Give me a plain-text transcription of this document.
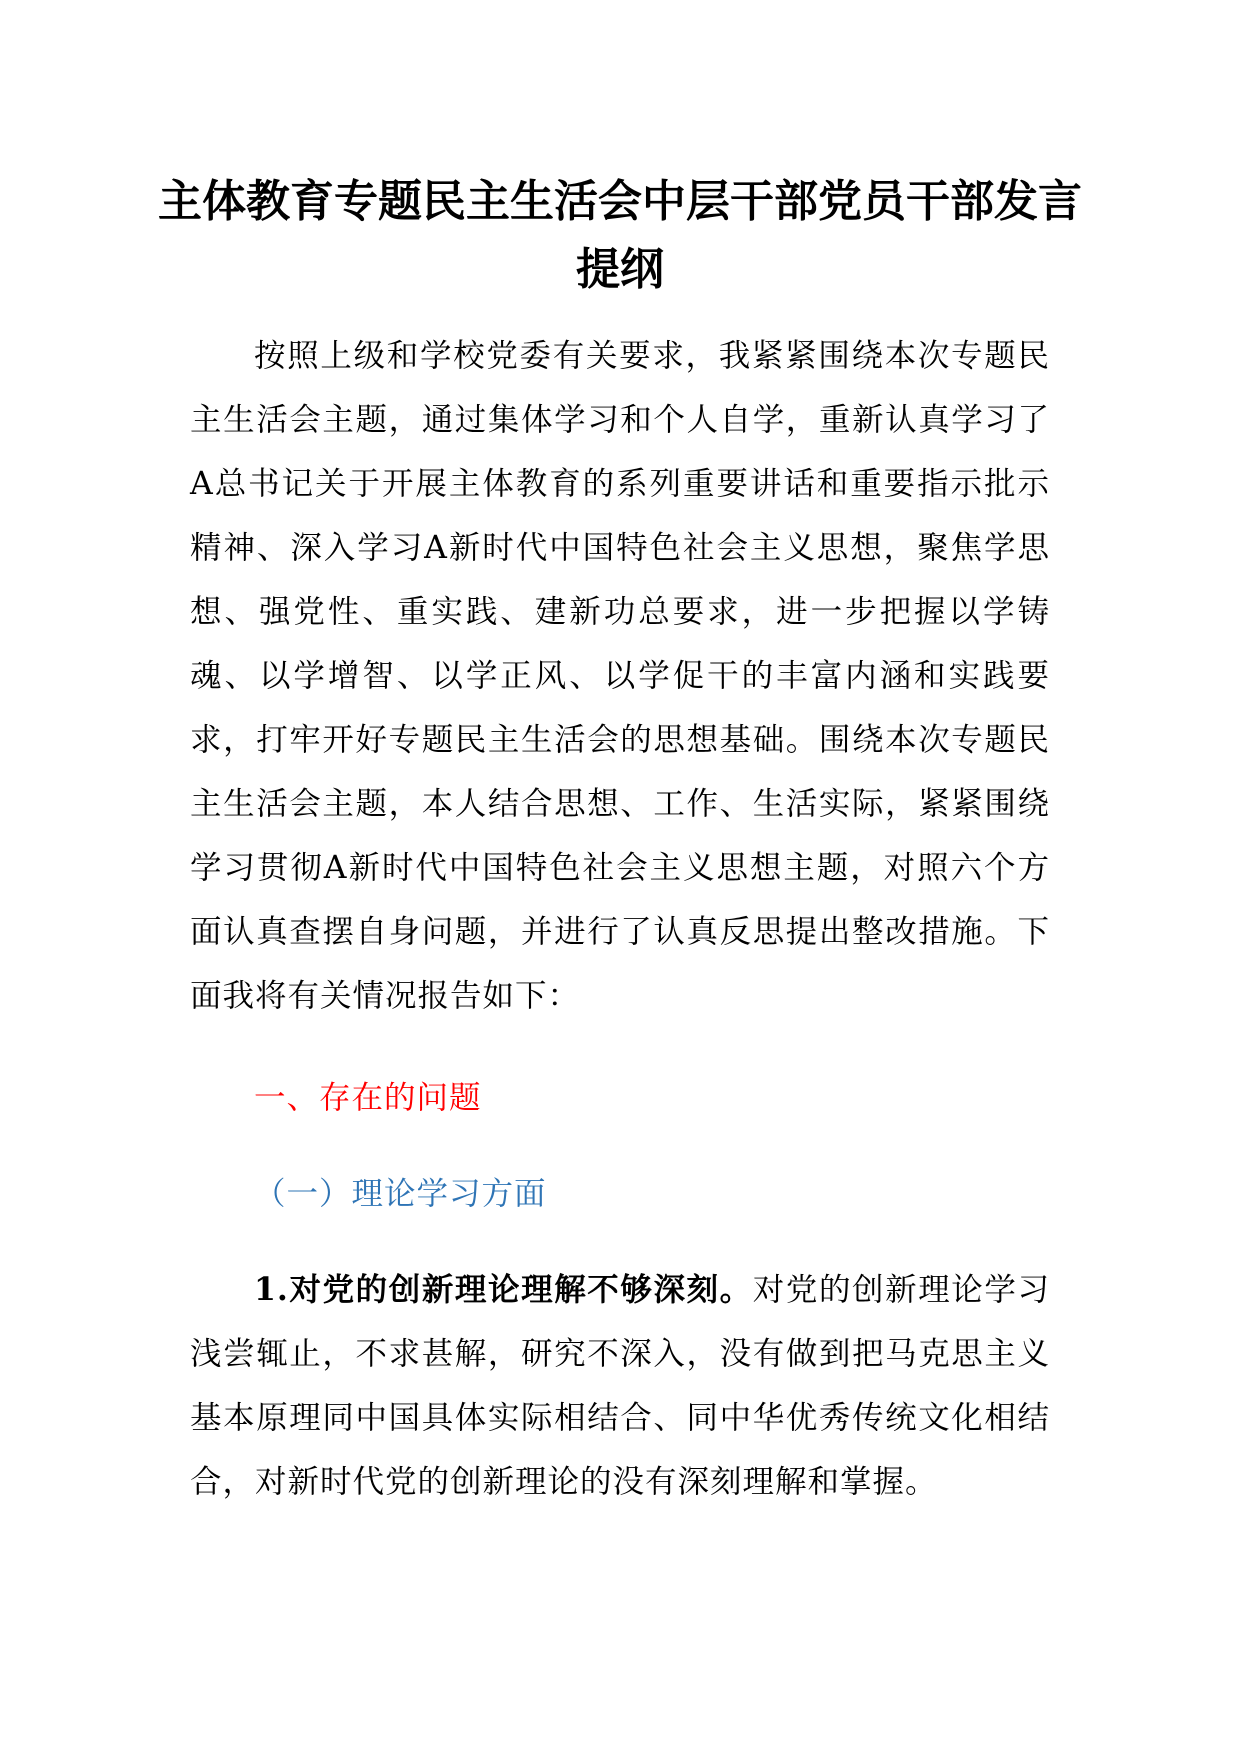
主体教育专题民主生活会中层干部党员干部发言提纲

按照上级和学校党委有关要求，我紧紧围绕本次专题民主生活会主题，通过集体学习和个人自学，重新认真学习了A总书记关于开展主体教育的系列重要讲话和重要指示批示精神、深入学习A新时代中国特色社会主义思想，聚焦学思想、强党性、重实践、建新功总要求，进一步把握以学铸魂、以学增智、以学正风、以学促干的丰富内涵和实践要求，打牢开好专题民主生活会的思想基础。围绕本次专题民主生活会主题，本人结合思想、工作、生活实际，紧紧围绕学习贯彻A新时代中国特色社会主义思想主题，对照六个方面认真查摆自身问题，并进行了认真反思提出整改措施。下面我将有关情况报告如下：

一、存在的问题
（一）理论学习方面

1.对党的创新理论理解不够深刻。对党的创新理论学习浅尝辄止，不求甚解，研究不深入，没有做到把马克思主义基本原理同中国具体实际相结合、同中华优秀传统文化相结合，对新时代党的创新理论的没有深刻理解和掌握。
